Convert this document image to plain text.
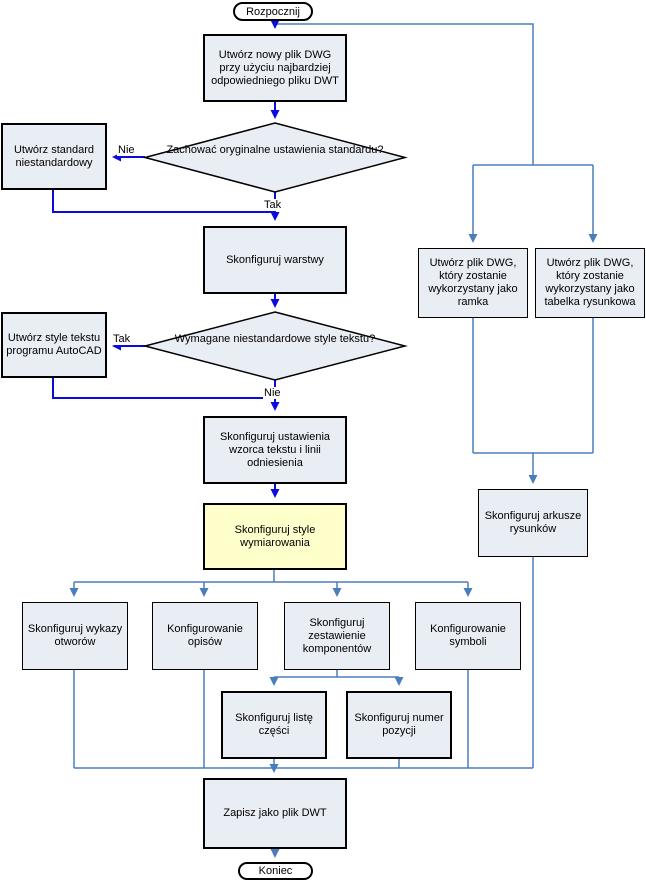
Rozpocznij
Koniec
Utwórz nowy plik DWG przy użyciu najbardziej odpowiedniego pliku DWT
Utwórz standard niestandardowy
Skonfiguruj warstwy
Utwórz style tekstu programu AutoCAD
Skonfiguruj ustawienia wzorca tekstu i linii odniesienia
Skonfiguruj style wymiarowania
Skonfiguruj wykazy otworów
Konfigurowanie opisów
Skonfiguruj zestawienie komponentów
Konfigurowanie symboli
Skonfiguruj listę części
Skonfiguruj numer pozycji
Zapisz jako plik DWT
Utwórz plik DWG, który zostanie wykorzystany jako ramka
Utwórz plik DWG, który zostanie wykorzystany jako tabelka rysunkowa
Skonfiguruj arkusze rysunków
Zachować oryginalne ustawienia standardu?
Wymagane niestandardowe style tekstu?
Nie
Tak
Tak
Nie
